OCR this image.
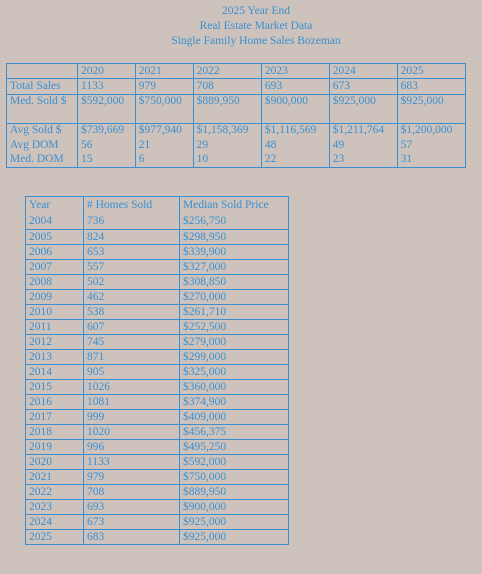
2025 Year End
Real Estate Market Data
Single Family Home Sales Bozeman
	2020	2021	2022	2023	2024	2025
Total Sales	1133	979	708	693	673	683
Med. Sold $	$592,000	$750,000	$889,950	$900,000	$925,000	$925,000
Avg Sold $	$739,669	$977,940	$1,158,369	$1,116,569	$1,211,764	$1,200,000
Avg DOM	56	21	29	48	49	57
Med. DOM	15	6	10	22	23	31
Year	# Homes Sold	Median Sold Price
2004	736	$256,750
2005	824	$298,950
2006	653	$339,900
2007	557	$327,000
2008	502	$308,850
2009	462	$270,000
2010	538	$261,710
2011	607	$252,500
2012	745	$279,000
2013	871	$299,000
2014	905	$325,000
2015	1026	$360,000
2016	1081	$374,900
2017	999	$409,000
2018	1020	$456,375
2019	996	$495,250
2020	1133	$592,000
2021	979	$750,000
2022	708	$889,950
2023	693	$900,000
2024	673	$925,000
2025	683	$925,000
